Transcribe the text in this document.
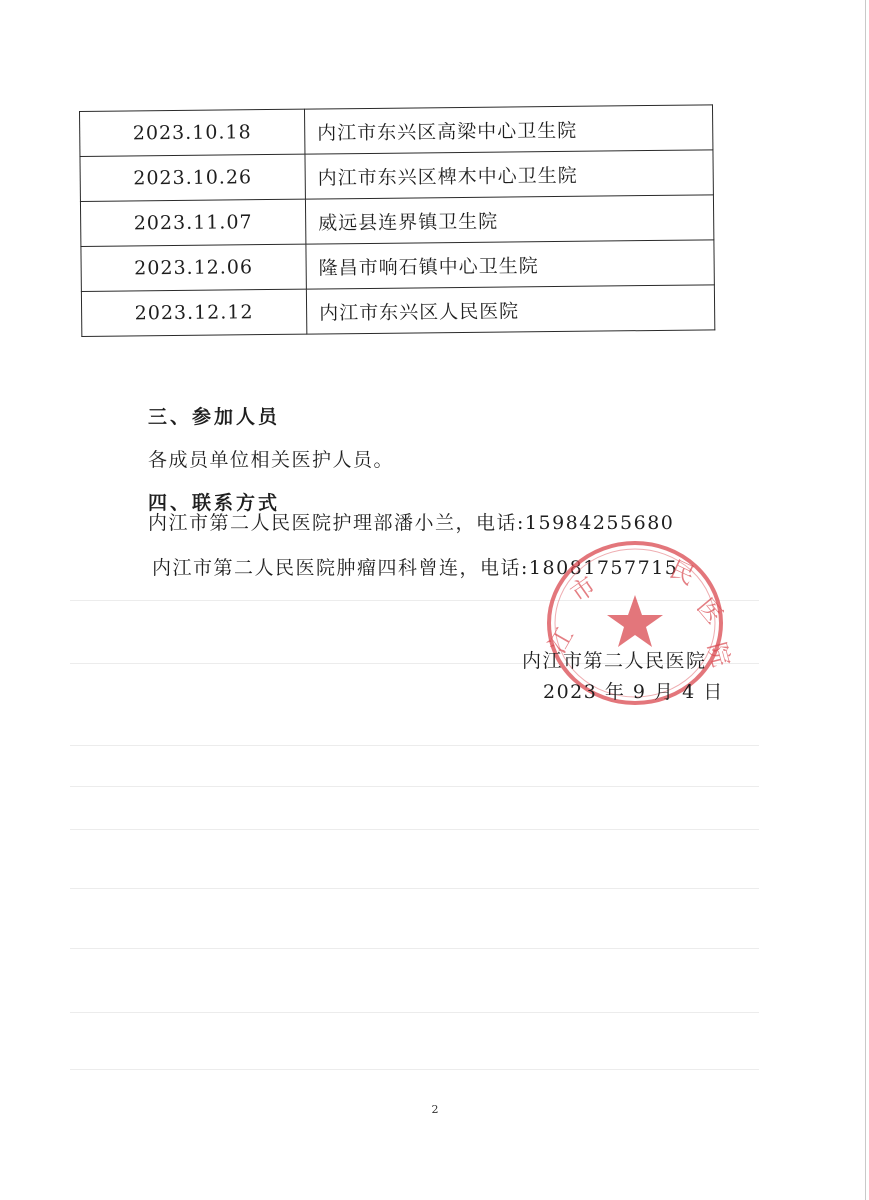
2023.10.18	内江市东兴区高梁中心卫生院
2023.10.26	内江市东兴区椑木中心卫生院
2023.11.07	威远县连界镇卫生院
2023.12.06	隆昌市响石镇中心卫生院
2023.12.12	内江市东兴区人民医院
三、参加人员
各成员单位相关医护人员。
四、联系方式
内江市第二人民医院护理部潘小兰，电话:15984255680
内江市第二人民医院肿瘤四科曾连，电话:18081757715
江
市	民
医
院
内江市第二人民医院
2023 年 9 月 4 日
2
